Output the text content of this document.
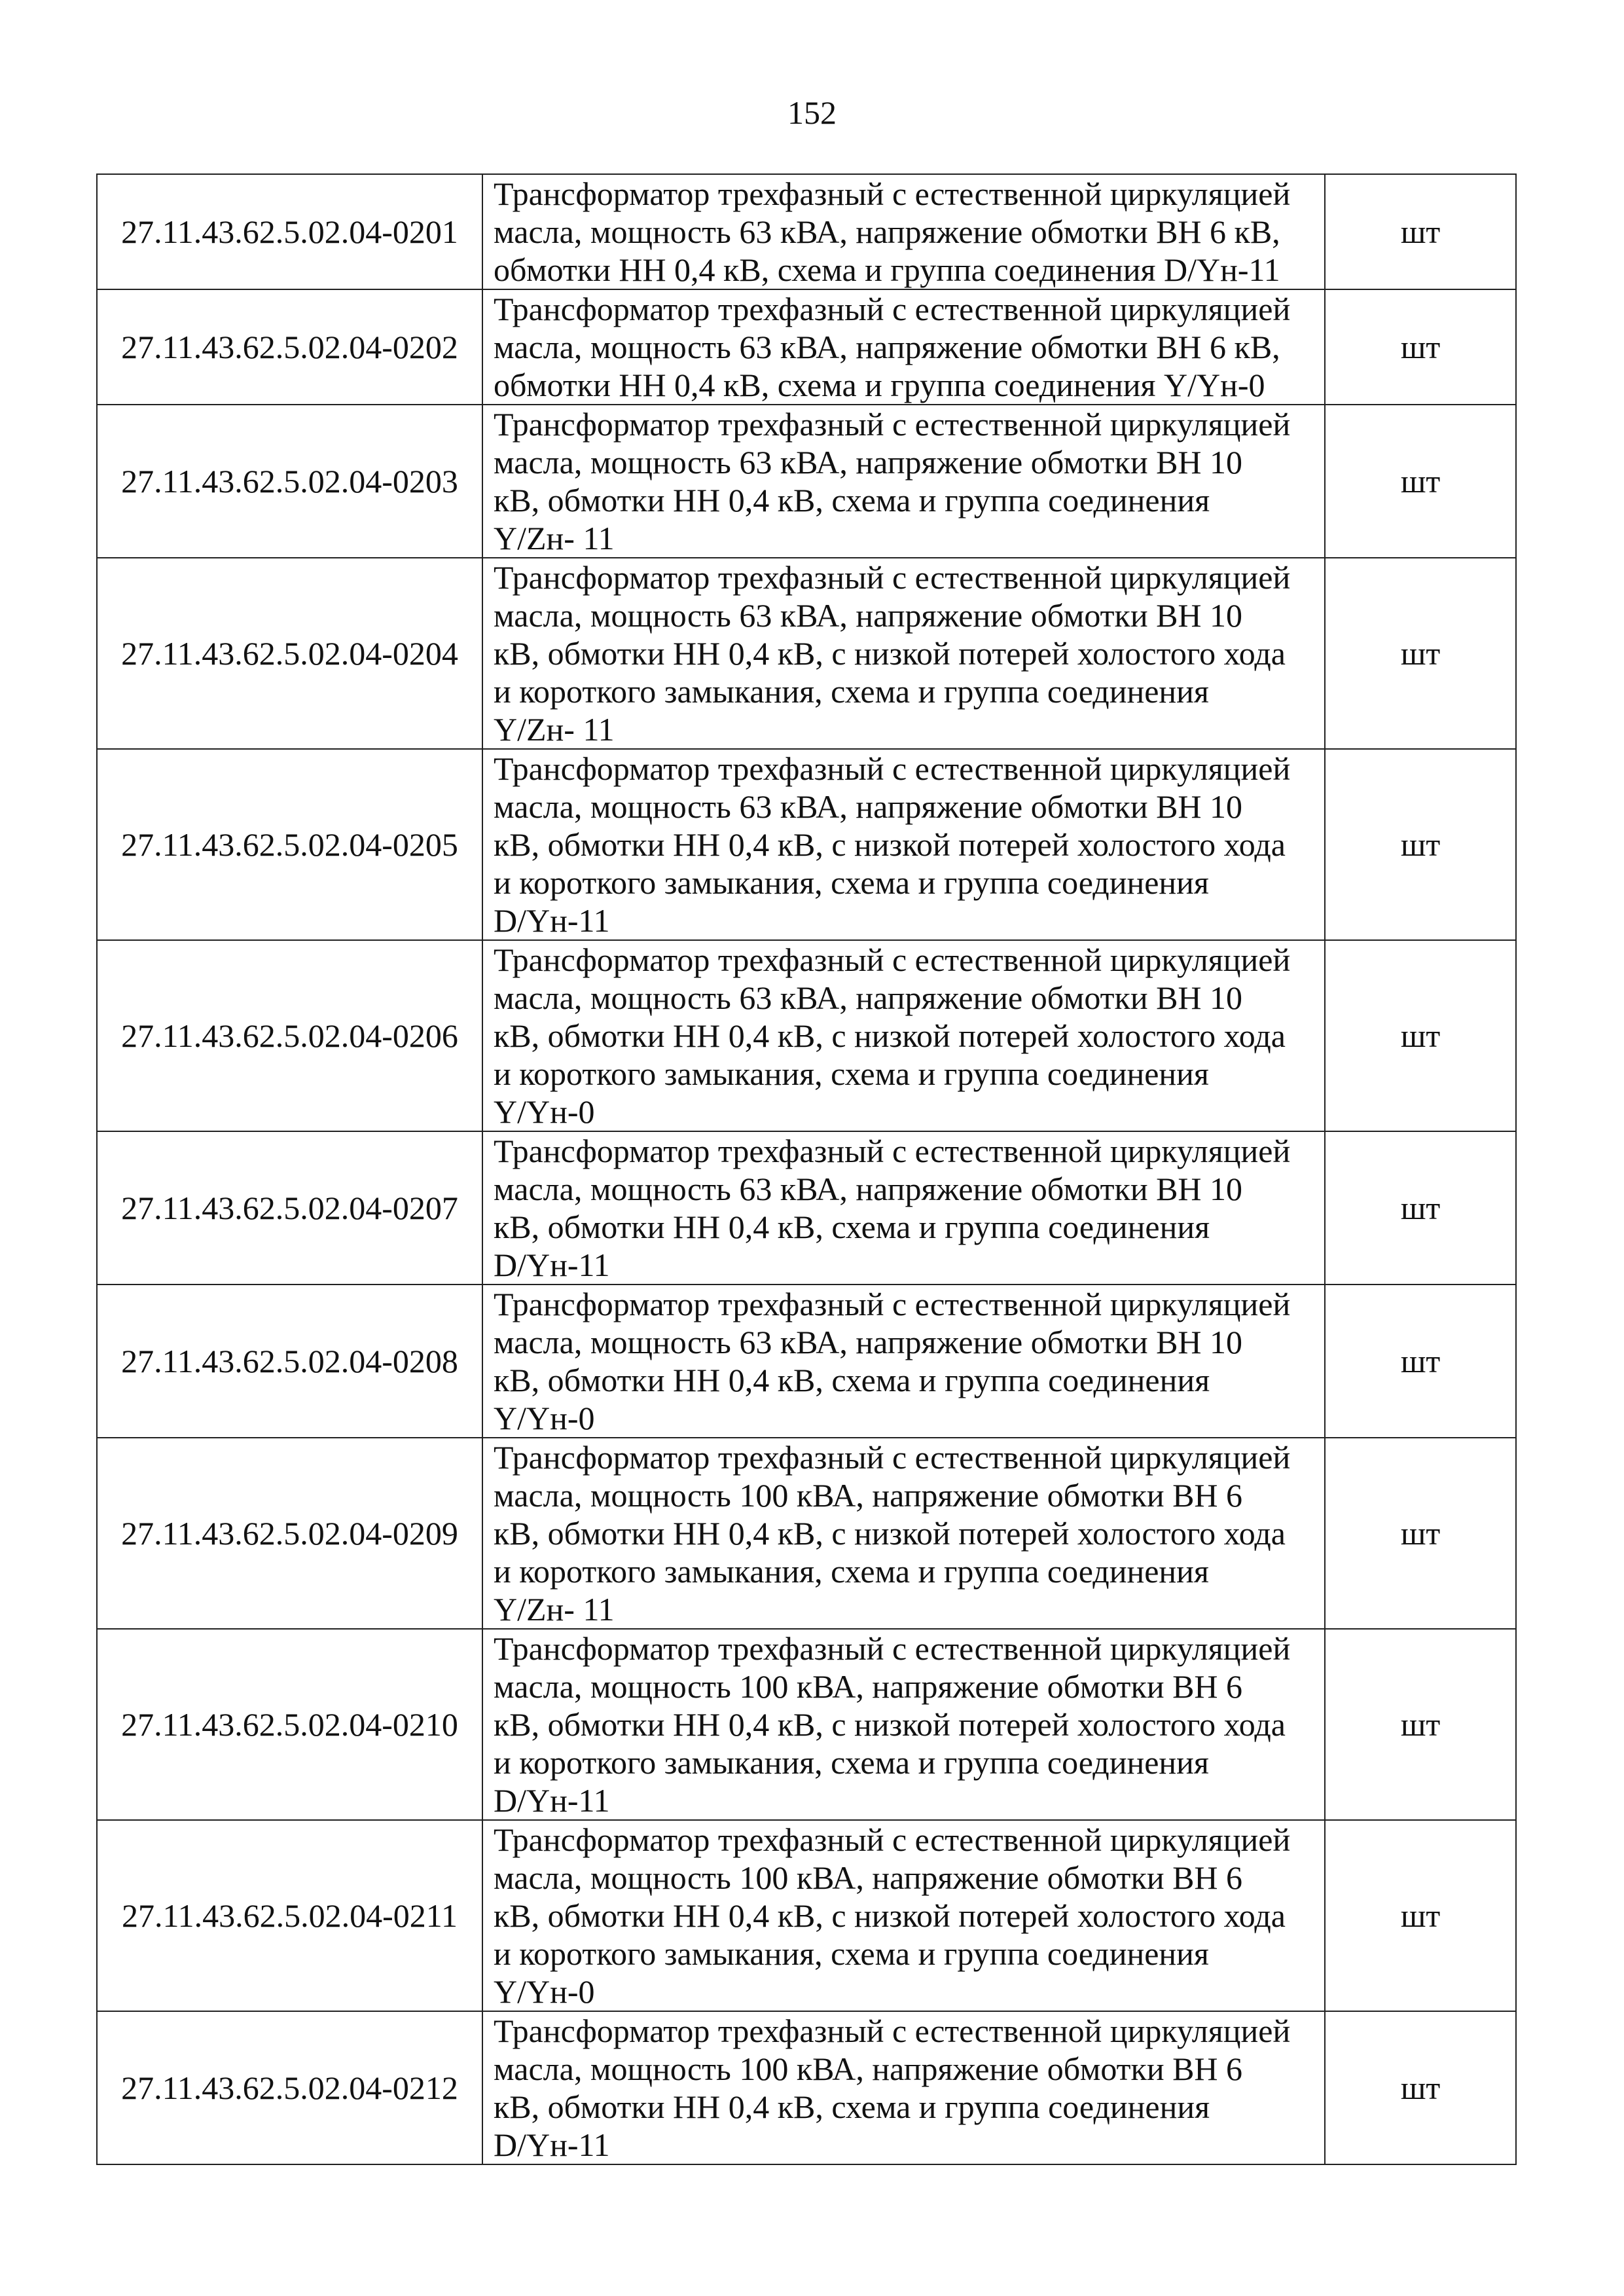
152
27.11.43.62.5.02.04-0201	Трансформатор трехфазный с естественной циркуляцией
масла, мощность 63 кВА, напряжение обмотки ВН 6 кВ,
обмотки НН 0,4 кВ, схема и группа соединения D/Yн-11	шт
27.11.43.62.5.02.04-0202	Трансформатор трехфазный с естественной циркуляцией
масла, мощность 63 кВА, напряжение обмотки ВН 6 кВ,
обмотки НН 0,4 кВ, схема и группа соединения Y/Yн-0	шт
27.11.43.62.5.02.04-0203	Трансформатор трехфазный с естественной циркуляцией
масла, мощность 63 кВА, напряжение обмотки ВН 10
кВ, обмотки НН 0,4 кВ, схема и группа соединения
Y/Zн- 11	шт
27.11.43.62.5.02.04-0204	Трансформатор трехфазный с естественной циркуляцией
масла, мощность 63 кВА, напряжение обмотки ВН 10
кВ, обмотки НН 0,4 кВ, с низкой потерей холостого хода
и короткого замыкания, схема и группа соединения
Y/Zн- 11	шт
27.11.43.62.5.02.04-0205	Трансформатор трехфазный с естественной циркуляцией
масла, мощность 63 кВА, напряжение обмотки ВН 10
кВ, обмотки НН 0,4 кВ, с низкой потерей холостого хода
и короткого замыкания, схема и группа соединения
D/Yн-11	шт
27.11.43.62.5.02.04-0206	Трансформатор трехфазный с естественной циркуляцией
масла, мощность 63 кВА, напряжение обмотки ВН 10
кВ, обмотки НН 0,4 кВ, с низкой потерей холостого хода
и короткого замыкания, схема и группа соединения
Y/Yн-0	шт
27.11.43.62.5.02.04-0207	Трансформатор трехфазный с естественной циркуляцией
масла, мощность 63 кВА, напряжение обмотки ВН 10
кВ, обмотки НН 0,4 кВ, схема и группа соединения
D/Yн-11	шт
27.11.43.62.5.02.04-0208	Трансформатор трехфазный с естественной циркуляцией
масла, мощность 63 кВА, напряжение обмотки ВН 10
кВ, обмотки НН 0,4 кВ, схема и группа соединения
Y/Yн-0	шт
27.11.43.62.5.02.04-0209	Трансформатор трехфазный с естественной циркуляцией
масла, мощность 100 кВА, напряжение обмотки ВН 6
кВ, обмотки НН 0,4 кВ, с низкой потерей холостого хода
и короткого замыкания, схема и группа соединения
Y/Zн- 11	шт
27.11.43.62.5.02.04-0210	Трансформатор трехфазный с естественной циркуляцией
масла, мощность 100 кВА, напряжение обмотки ВН 6
кВ, обмотки НН 0,4 кВ, с низкой потерей холостого хода
и короткого замыкания, схема и группа соединения
D/Yн-11	шт
27.11.43.62.5.02.04-0211	Трансформатор трехфазный с естественной циркуляцией
масла, мощность 100 кВА, напряжение обмотки ВН 6
кВ, обмотки НН 0,4 кВ, с низкой потерей холостого хода
и короткого замыкания, схема и группа соединения
Y/Yн-0	шт
27.11.43.62.5.02.04-0212	Трансформатор трехфазный с естественной циркуляцией
масла, мощность 100 кВА, напряжение обмотки ВН 6
кВ, обмотки НН 0,4 кВ, схема и группа соединения
D/Yн-11	шт
